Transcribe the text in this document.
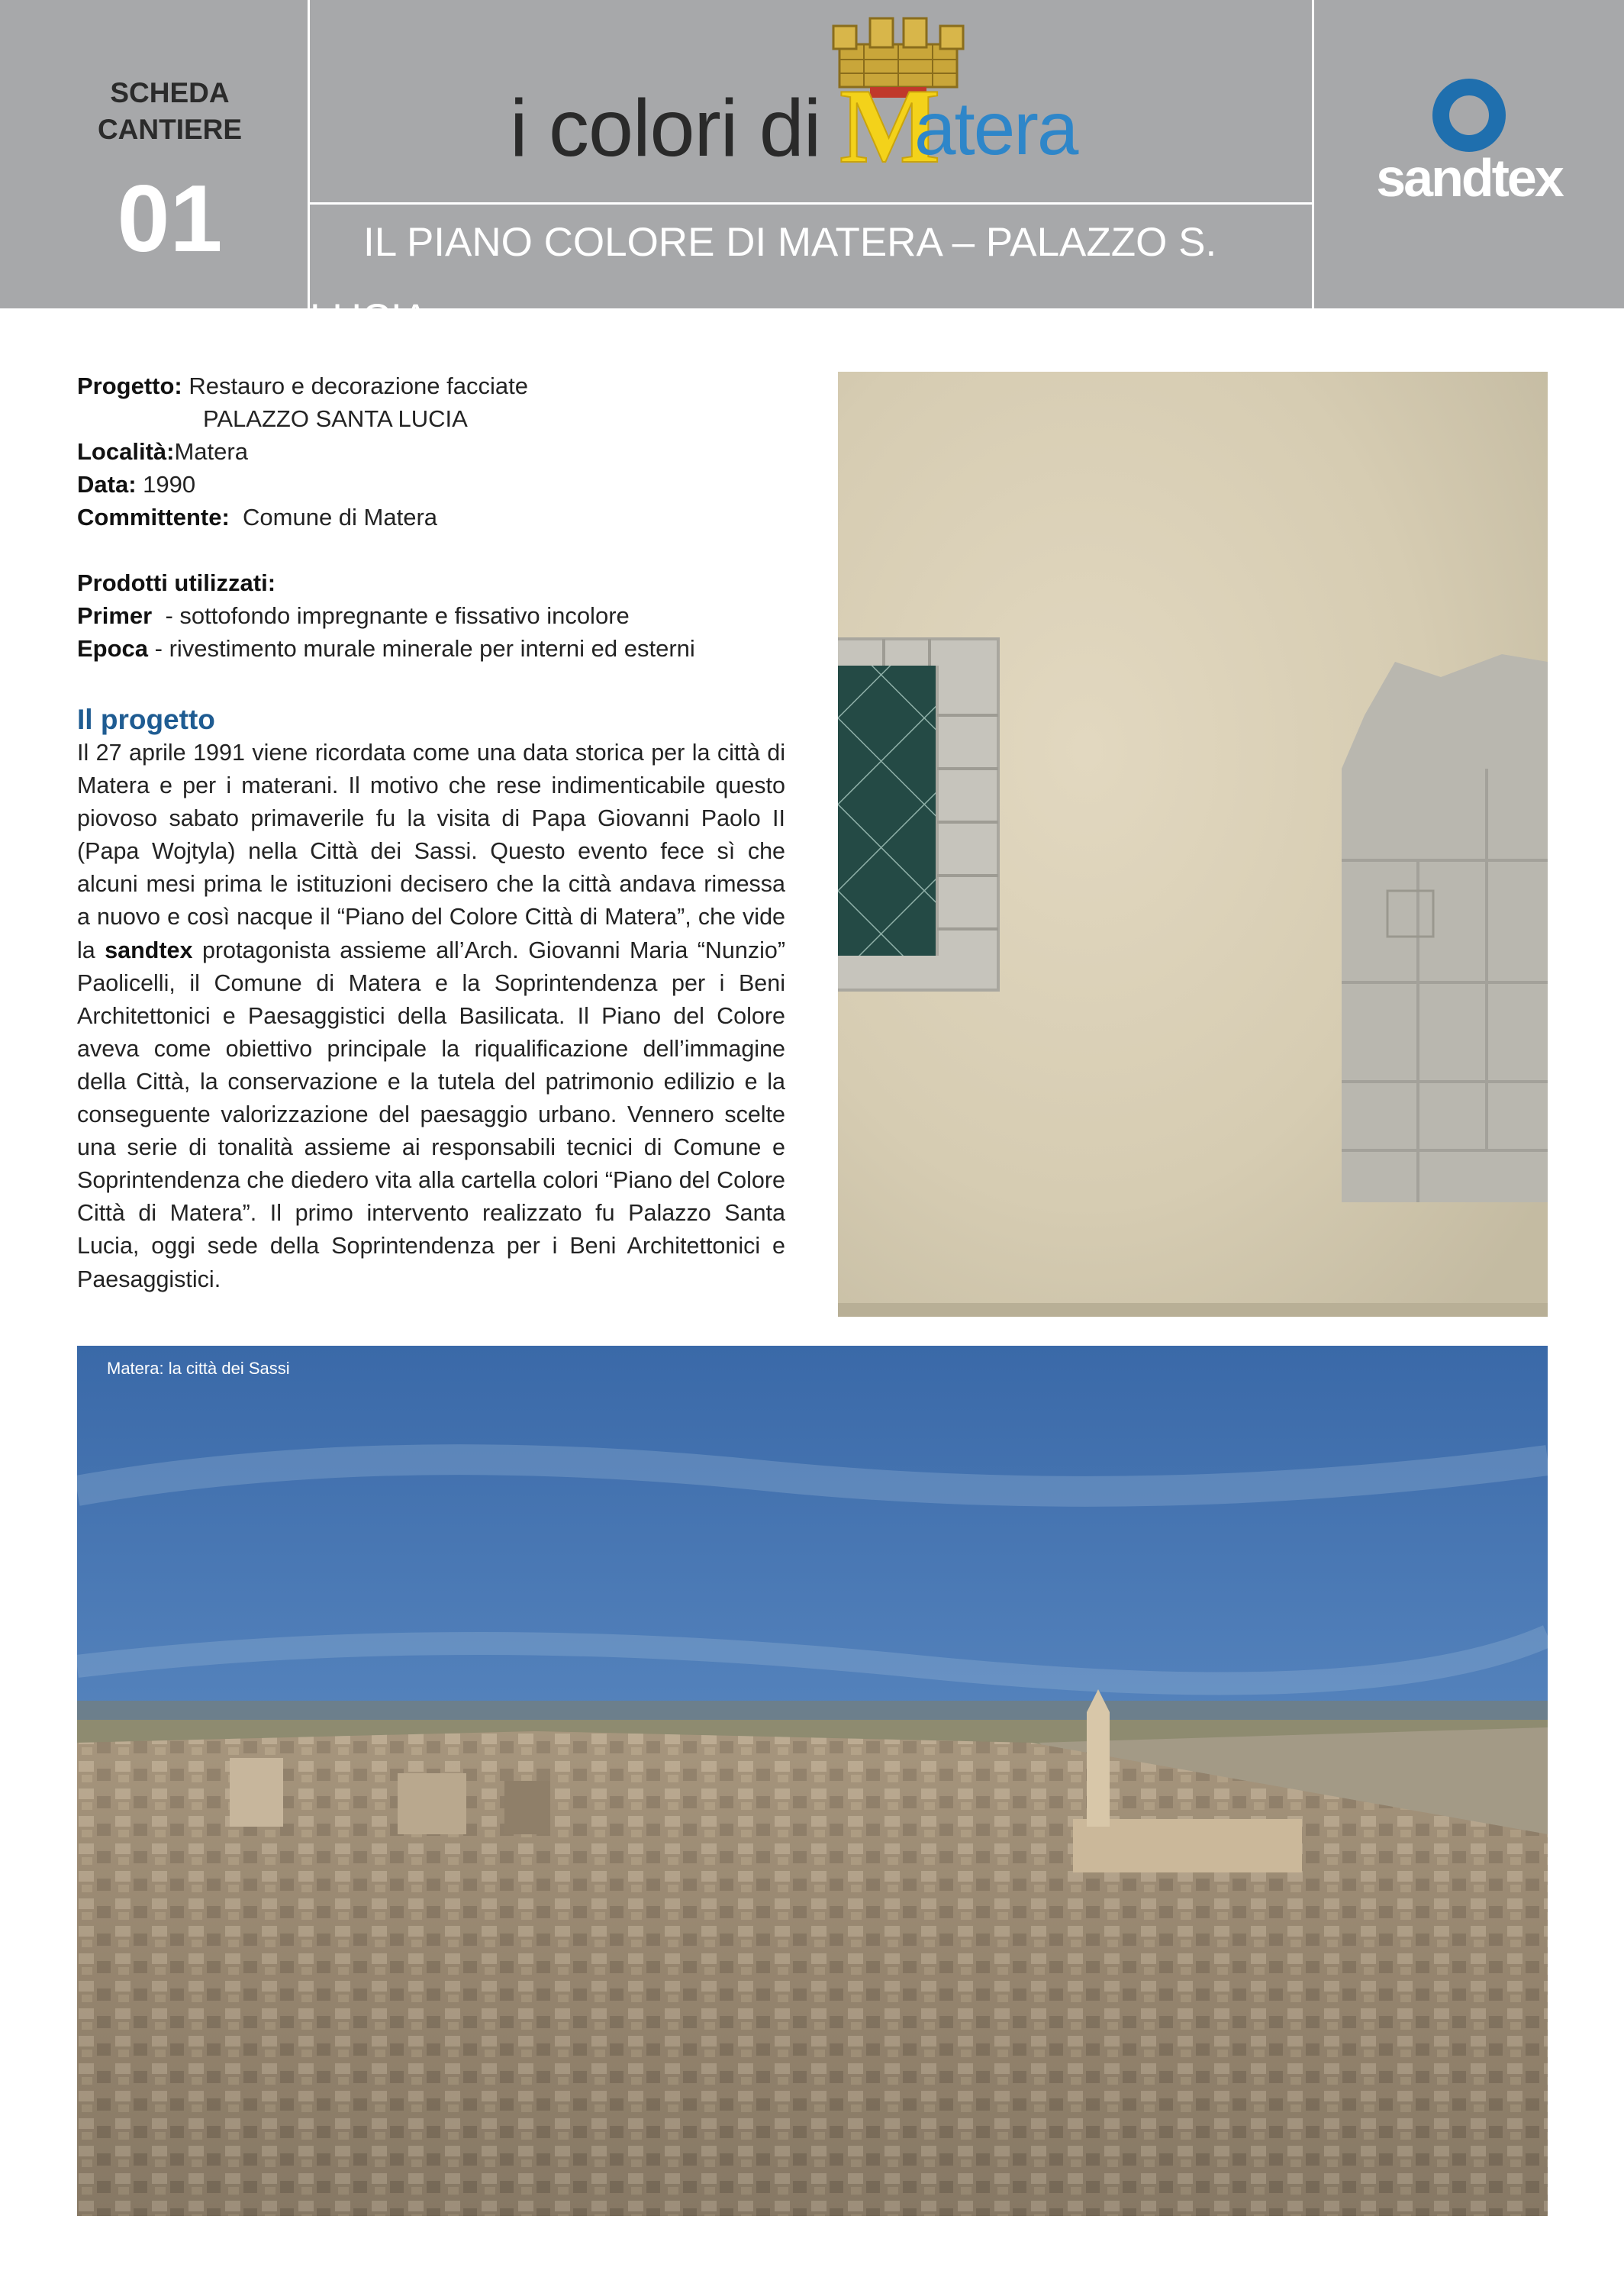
SCHEDA
CANTIERE
01
i colori di M
atera
IL PIANO COLORE DI MATERA – PALAZZO S. LUCIA
sandtex
Progetto: Restauro e decorazione facciate
PALAZZO SANTA LUCIA
Località:Matera
Data: 1990
Committente: Comune di Matera
Prodotti utilizzati:
Primer - sottofondo impregnante e fissativo incolore
Epoca - rivestimento murale minerale per interni ed esterni
Il progetto
Il 27 aprile 1991 viene ricordata come una data storica per la città di Matera e per i materani. Il motivo che rese indimenticabile questo piovoso sabato primaverile fu la visita di Papa Giovanni Paolo II (Papa Wojtyla) nella Città dei Sassi. Questo evento fece sì che alcuni mesi prima le istituzioni decisero che la città andava rimessa a nuovo e così nacque il “Piano del Colore Città di Matera”, che vide la sandtex protagonista assieme all’Arch. Giovanni Maria “Nunzio” Paolicelli, il Comune di Matera e la Soprintendenza per i Beni Architettonici e Paesaggistici della Basilicata. Il Piano del Colore aveva come obiettivo principale la riqualificazione dell’immagine della Città, la conservazione e la tutela del patrimonio edilizio e la conseguente valorizzazione del paesaggio urbano. Vennero scelte una serie di tonalità assieme ai responsabili tecnici di Comune e Soprintendenza che diedero vita alla cartella colori “Piano del Colore Città di Matera”. Il primo intervento realizzato fu Palazzo Santa Lucia, oggi sede della Soprintendenza per i Beni Architettonici e Paesaggistici.
Matera: la città dei Sassi
